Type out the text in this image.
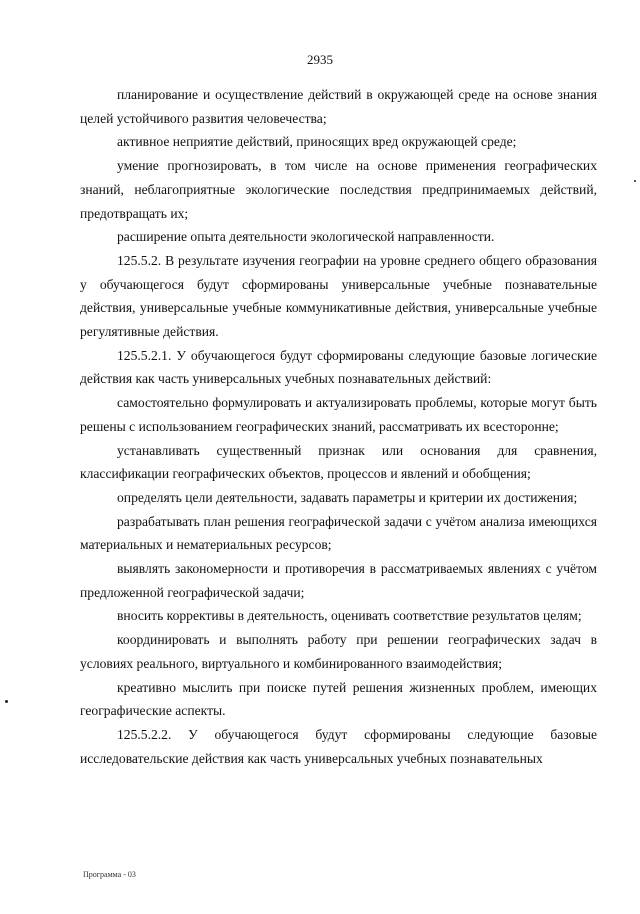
2935

планирование и осуществление действий в окружающей среде на основе знания целей устойчивого развития человечества;

активное неприятие действий, приносящих вред окружающей среде;

умение прогнозировать, в том числе на основе применения географических знаний, неблагоприятные экологические последствия предпринимаемых действий, предотвращать их;

расширение опыта деятельности экологической направленности.

125.5.2. В результате изучения географии на уровне среднего общего образования у обучающегося будут сформированы универсальные учебные познавательные действия, универсальные учебные коммуникативные действия, универсальные учебные регулятивные действия.

125.5.2.1. У обучающегося будут сформированы следующие базовые логические действия как часть универсальных учебных познавательных действий:

самостоятельно формулировать и актуализировать проблемы, которые могут быть решены с использованием географических знаний, рассматривать их всесторонне;

устанавливать существенный признак или основания для сравнения, классификации географических объектов, процессов и явлений и обобщения;

определять цели деятельности, задавать параметры и критерии их достижения;

разрабатывать план решения географической задачи с учётом анализа имеющихся материальных и нематериальных ресурсов;

выявлять закономерности и противоречия в рассматриваемых явлениях с учётом предложенной географической задачи;

вносить коррективы в деятельность, оценивать соответствие результатов целям;

координировать и выполнять работу при решении географических задач в условиях реального, виртуального и комбинированного взаимодействия;

креативно мыслить при поиске путей решения жизненных проблем, имеющих географические аспекты.

125.5.2.2. У обучающегося будут сформированы следующие базовые исследовательские действия как часть универсальных учебных познавательных

Программа - 03
